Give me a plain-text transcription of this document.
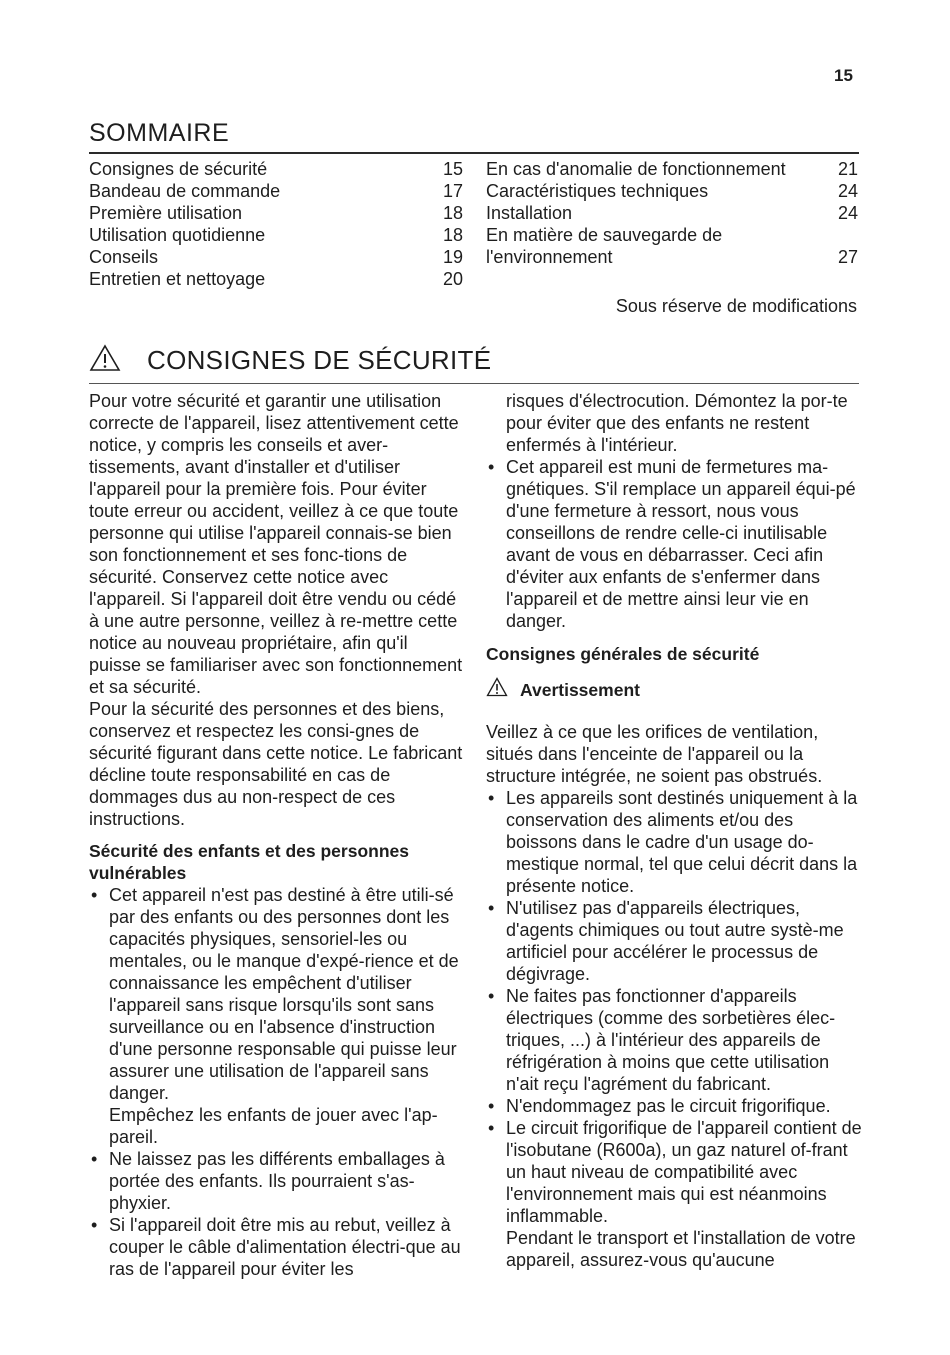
15
SOMMAIRE
Consignes de sécurité	15
Bandeau de commande	17
Première utilisation	18
Utilisation quotidienne	18
Conseils	19
Entretien et nettoyage	20
En cas d'anomalie de fonctionnement	21
Caractéristiques techniques	24
Installation	24
En matière de sauvegarde de
l'environnement	27
Sous réserve de modifications
CONSIGNES DE SÉCURITÉ

Pour votre sécurité et garantir une utilisation correcte de l'appareil, lisez attentivement cette notice, y compris les conseils et aver-tissements, avant d'installer et d'utiliser l'appareil pour la première fois. Pour éviter toute erreur ou accident, veillez à ce que toute personne qui utilise l'appareil connais-se bien son fonctionnement et ses fonc-tions de sécurité. Conservez cette notice avec l'appareil. Si l'appareil doit être vendu ou cédé à une autre personne, veillez à re-mettre cette notice au nouveau propriétaire, afin qu'il puisse se familiariser avec son fonctionnement et sa sécurité.

Pour la sécurité des personnes et des biens, conservez et respectez les consi-gnes de sécurité figurant dans cette notice. Le fabricant décline toute responsabilité en cas de dommages dus au non-respect de ces instructions.

Sécurité des enfants et des personnes vulnérables
• Cet appareil n'est pas destiné à être utili-sé par des enfants ou des personnes dont les capacités physiques, sensoriel-les ou mentales, ou le manque d'expé-rience et de connaissance les empêchent d'utiliser l'appareil sans risque lorsqu'ils sont sans surveillance ou en l'absence d'instruction d'une personne responsable qui puisse leur assurer une utilisation de l'appareil sans danger.
Empêchez les enfants de jouer avec l'ap-pareil.
• Ne laissez pas les différents emballages à portée des enfants. Ils pourraient s'as-phyxier.
• Si l'appareil doit être mis au rebut, veillez à couper le câble d'alimentation électri-que au ras de l'appareil pour éviter les

risques d'électrocution. Démontez la por-te pour éviter que des enfants ne restent enfermés à l'intérieur.

• Cet appareil est muni de fermetures ma-gnétiques. S'il remplace un appareil équi-pé d'une fermeture à ressort, nous vous conseillons de rendre celle-ci inutilisable avant de vous en débarrasser. Ceci afin d'éviter aux enfants de s'enfermer dans l'appareil et de mettre ainsi leur vie en danger.
Consignes générales de sécurité
Avertissement

Veillez à ce que les orifices de ventilation, situés dans l'enceinte de l'appareil ou la structure intégrée, ne soient pas obstrués.

• Les appareils sont destinés uniquement à la conservation des aliments et/ou des boissons dans le cadre d'un usage do-mestique normal, tel que celui décrit dans la présente notice.
• N'utilisez pas d'appareils électriques, d'agents chimiques ou tout autre systè-me artificiel pour accélérer le processus de dégivrage.
• Ne faites pas fonctionner d'appareils électriques (comme des sorbetières élec-triques, ...) à l'intérieur des appareils de réfrigération à moins que cette utilisation n'ait reçu l'agrément du fabricant.
• N'endommagez pas le circuit frigorifique.
• Le circuit frigorifique de l'appareil contient de l'isobutane (R600a), un gaz naturel of-frant un haut niveau de compatibilité avec l'environnement mais qui est néanmoins inflammable.
Pendant le transport et l'installation de votre appareil, assurez-vous qu'aucune
